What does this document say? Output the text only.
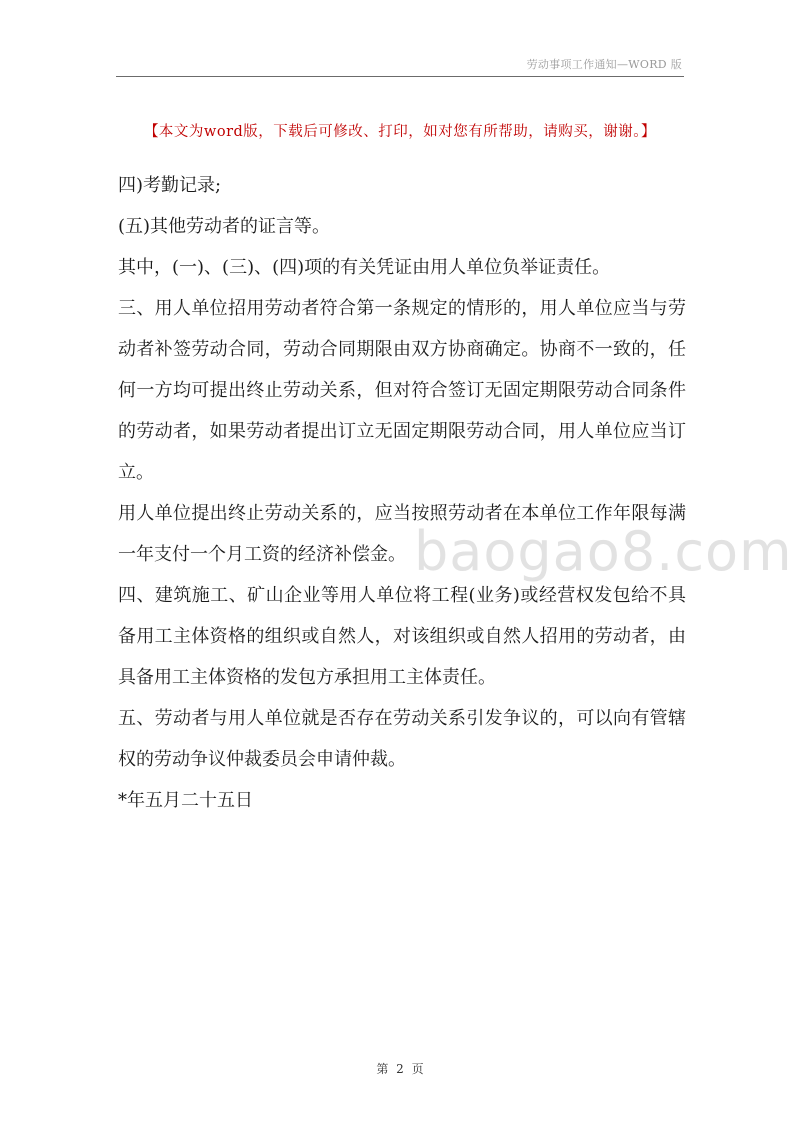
劳动事项工作通知—WORD 版
【本文为word版，下载后可修改、打印，如对您有所帮助，请购买，谢谢。】

四)考勤记录;

(五)其他劳动者的证言等。

其中，(一)、(三)、(四)项的有关凭证由用人单位负举证责任。

三、用人单位招用劳动者符合第一条规定的情形的，用人单位应当与劳动者补签劳动合同，劳动合同期限由双方协商确定。协商不一致的，任何一方均可提出终止劳动关系，但对符合签订无固定期限劳动合同条件的劳动者，如果劳动者提出订立无固定期限劳动合同，用人单位应当订立。

用人单位提出终止劳动关系的，应当按照劳动者在本单位工作年限每满一年支付一个月工资的经济补偿金。

四、建筑施工、矿山企业等用人单位将工程(业务)或经营权发包给不具备用工主体资格的组织或自然人，对该组织或自然人招用的劳动者，由具备用工主体资格的发包方承担用工主体责任。

五、劳动者与用人单位就是否存在劳动关系引发争议的，可以向有管辖权的劳动争议仲裁委员会申请仲裁。

*年五月二十五日

baogao8.com
第 2 页
